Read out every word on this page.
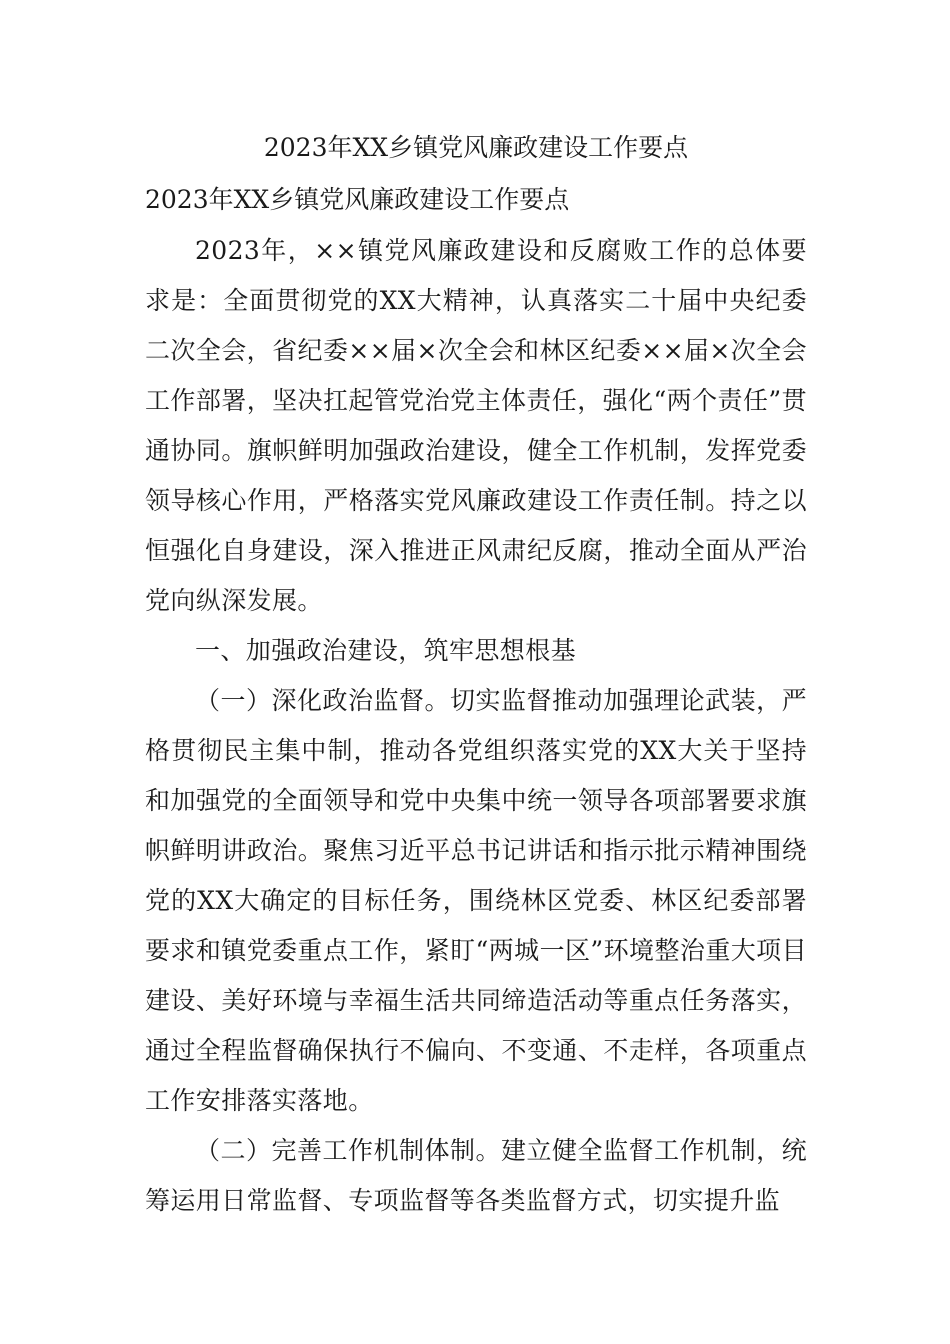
2023年XX乡镇党风廉政建设工作要点
2023年XX乡镇党风廉政建设工作要点

2023年，××镇党风廉政建设和反腐败工作的总体要求是：全面贯彻党的XX大精神，认真落实二十届中央纪委二次全会，省纪委××届×次全会和林区纪委××届×次全会工作部署，坚决扛起管党治党主体责任，强化“两个责任”贯通协同。旗帜鲜明加强政治建设，健全工作机制，发挥党委领导核心作用，严格落实党风廉政建设工作责任制。持之以恒强化自身建设，深入推进正风肃纪反腐，推动全面从严治党向纵深发展。

一、加强政治建设，筑牢思想根基

（一）深化政治监督。切实监督推动加强理论武装，严格贯彻民主集中制，推动各党组织落实党的XX大关于坚持和加强党的全面领导和党中央集中统一领导各项部署要求旗帜鲜明讲政治。聚焦习近平总书记讲话和指示批示精神围绕党的XX大确定的目标任务，围绕林区党委、林区纪委部署要求和镇党委重点工作，紧盯“两城一区”环境整治重大项目建设、美好环境与幸福生活共同缔造活动等重点任务落实，通过全程监督确保执行不偏向、不变通、不走样，各项重点工作安排落实落地。

（二）完善工作机制体制。建立健全监督工作机制，统筹运用日常监督、专项监督等各类监督方式，切实提升监
